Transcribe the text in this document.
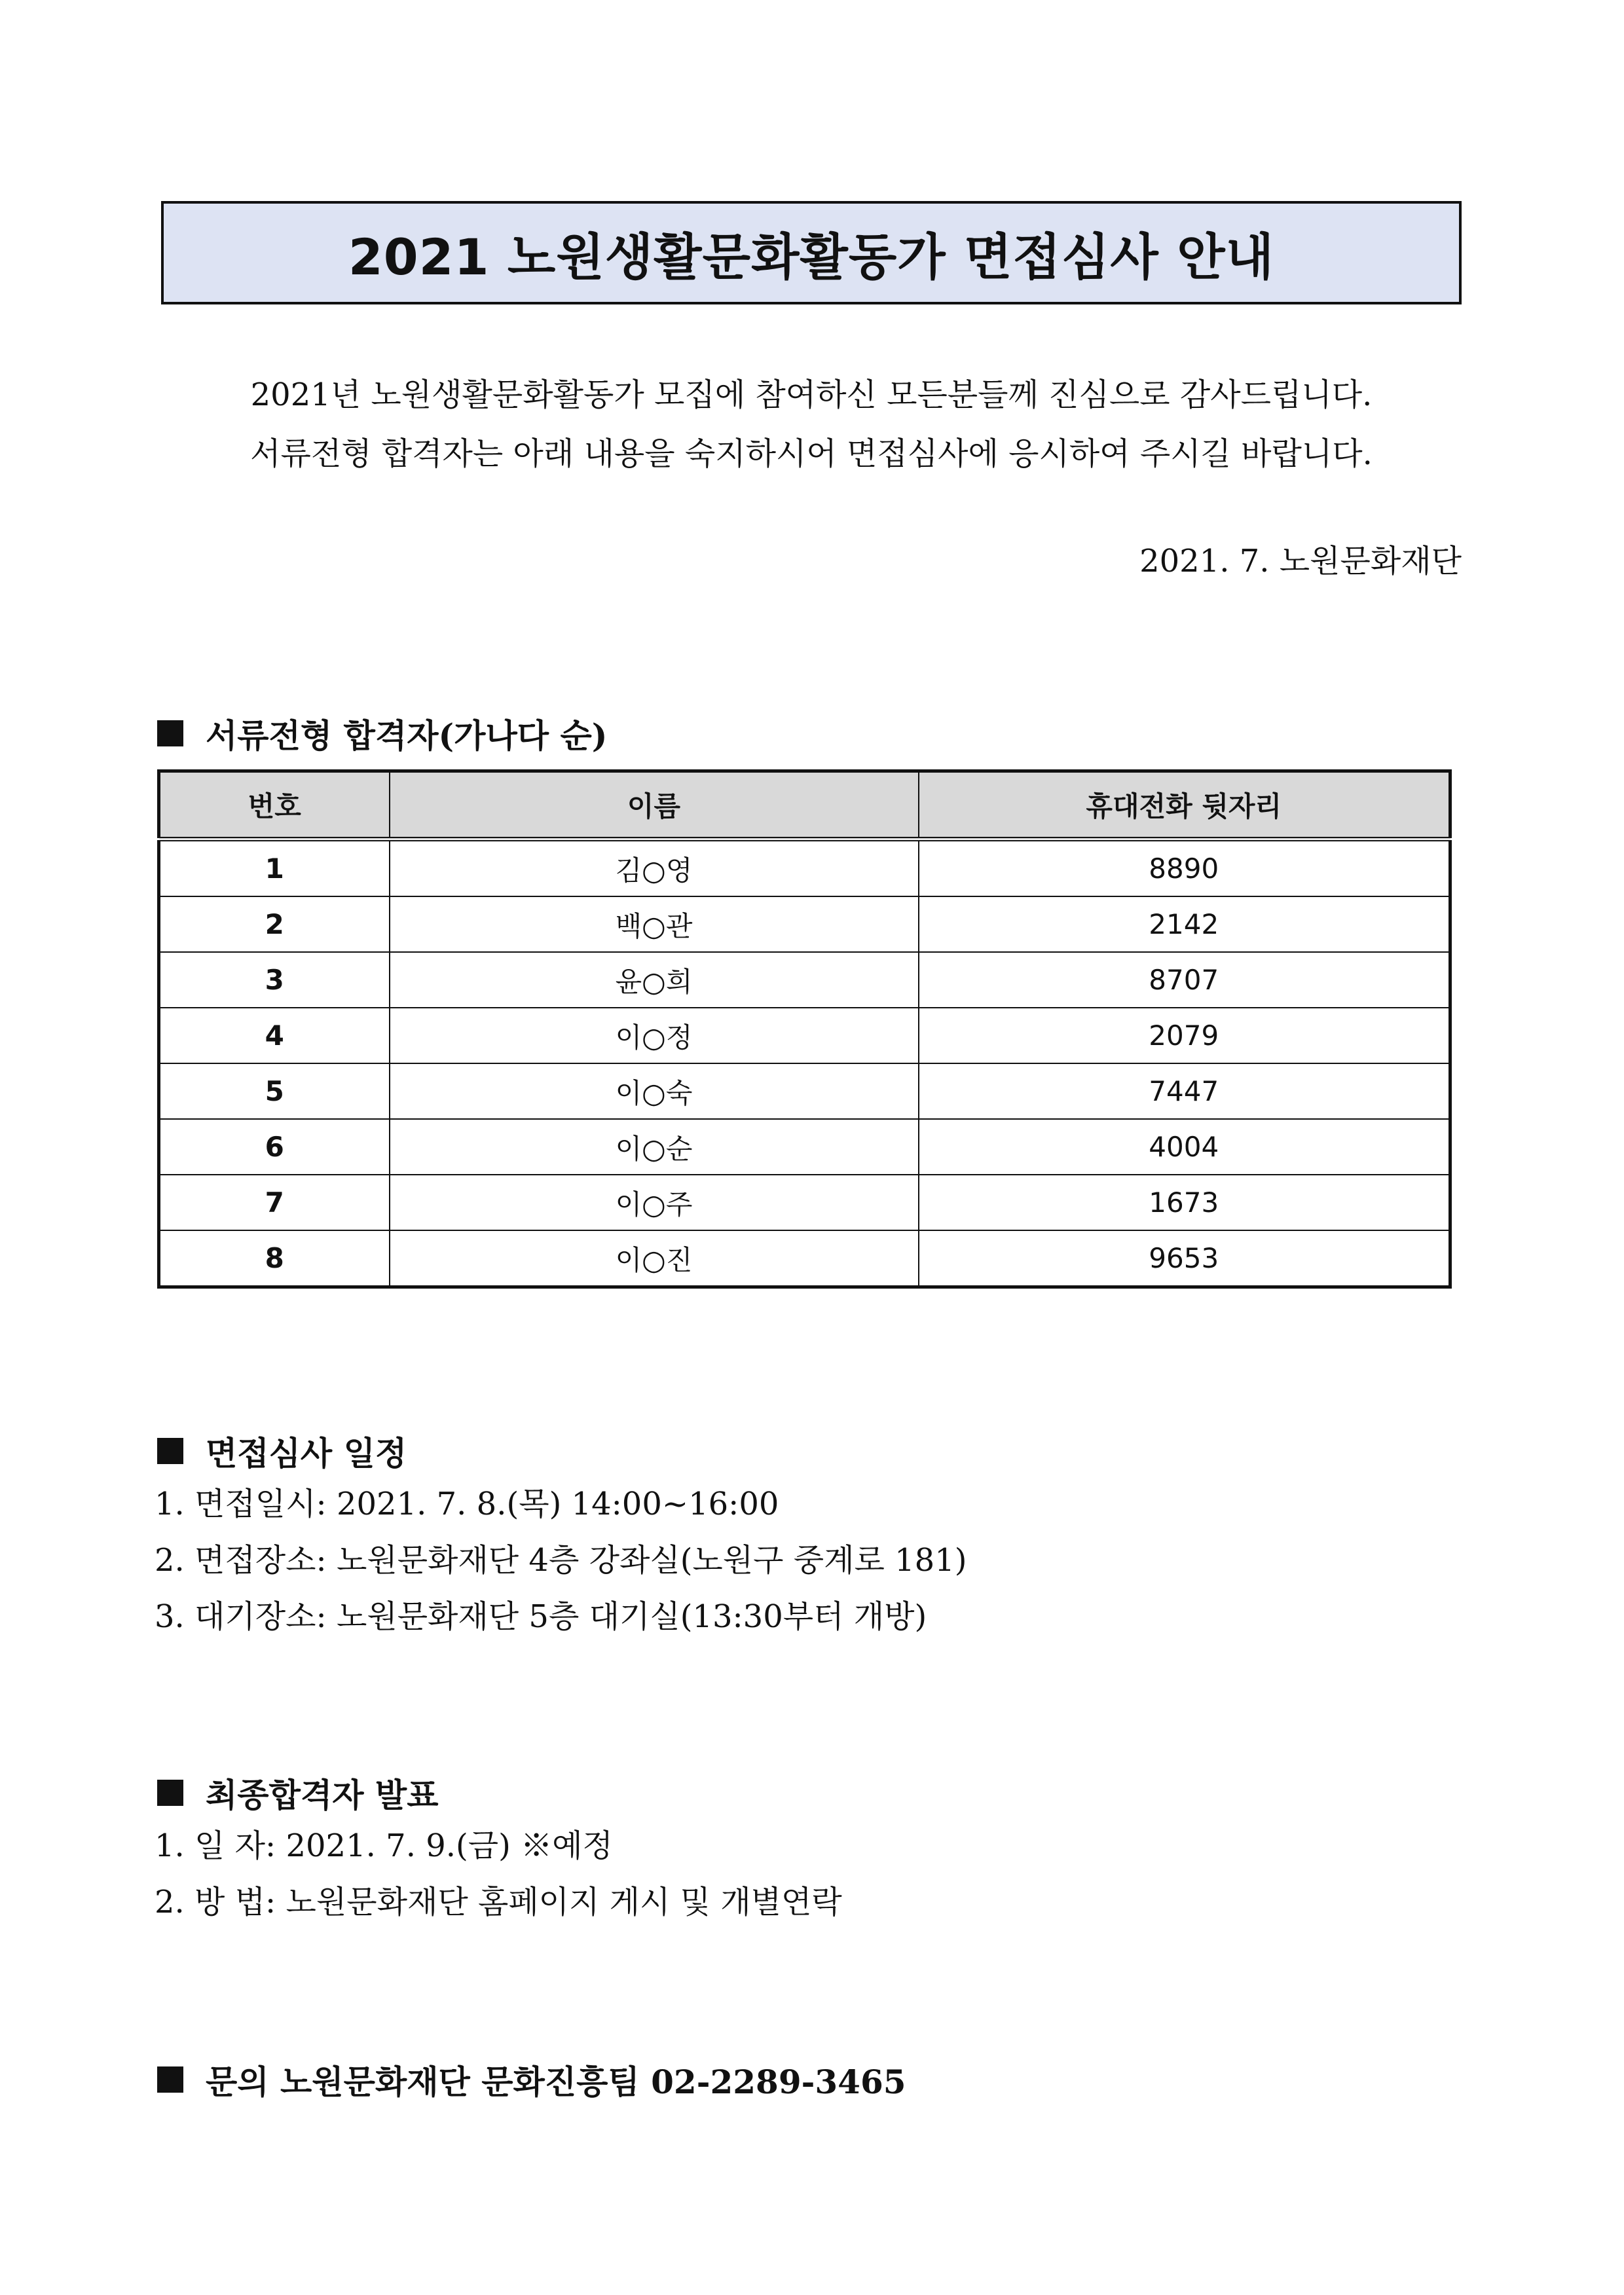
2021 노원생활문화활동가 면접심사 안내
2021년 노원생활문화활동가 모집에 참여하신 모든분들께 진심으로 감사드립니다.
서류전형 합격자는 아래 내용을 숙지하시어 면접심사에 응시하여 주시길 바랍니다.
2021. 7. 노원문화재단
서류전형 합격자(가나다 순)
번호	이름	휴대전화 뒷자리
1	김○영	8890
2	백○관	2142
3	윤○희	8707
4	이○정	2079
5	이○숙	7447
6	이○순	4004
7	이○주	1673
8	이○진	9653
면접심사 일정
1. 면접일시: 2021. 7. 8.(목) 14:00~16:00
2. 면접장소: 노원문화재단 4층 강좌실(노원구 중계로 181)
3. 대기장소: 노원문화재단 5층 대기실(13:30부터 개방)
최종합격자 발표
1. 일 자: 2021. 7. 9.(금) ※예정
2. 방 법: 노원문화재단 홈페이지 게시 및 개별연락
문의 노원문화재단 문화진흥팀 02-2289-3465
